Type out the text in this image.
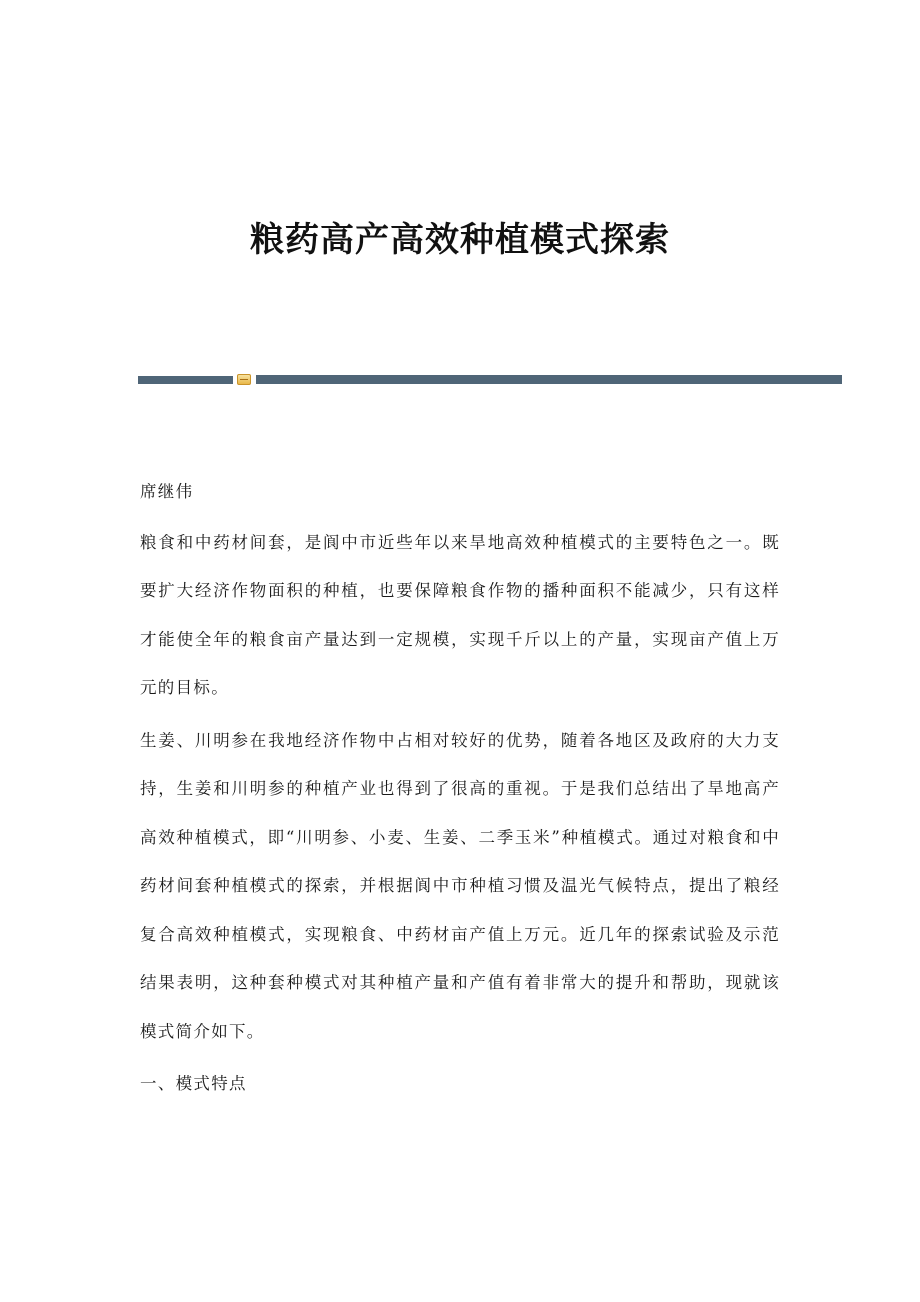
粮药高产高效种植模式探索

席继伟

粮食和中药材间套，是阆中市近些年以来旱地高效种植模式的主要特色之一。既要扩大经济作物面积的种植，也要保障粮食作物的播种面积不能减少，只有这样才能使全年的粮食亩产量达到一定规模，实现千斤以上的产量，实现亩产值上万元的目标。

生姜、川明参在我地经济作物中占相对较好的优势，随着各地区及政府的大力支持，生姜和川明参的种植产业也得到了很高的重视。于是我们总结出了旱地高产高效种植模式，即“川明参、小麦、生姜、二季玉米”种植模式。通过对粮食和中药材间套种植模式的探索，并根据阆中市种植习惯及温光气候特点，提出了粮经复合高效种植模式，实现粮食、中药材亩产值上万元。近几年的探索试验及示范结果表明，这种套种模式对其种植产量和产值有着非常大的提升和帮助，现就该模式简介如下。

一、模式特点
